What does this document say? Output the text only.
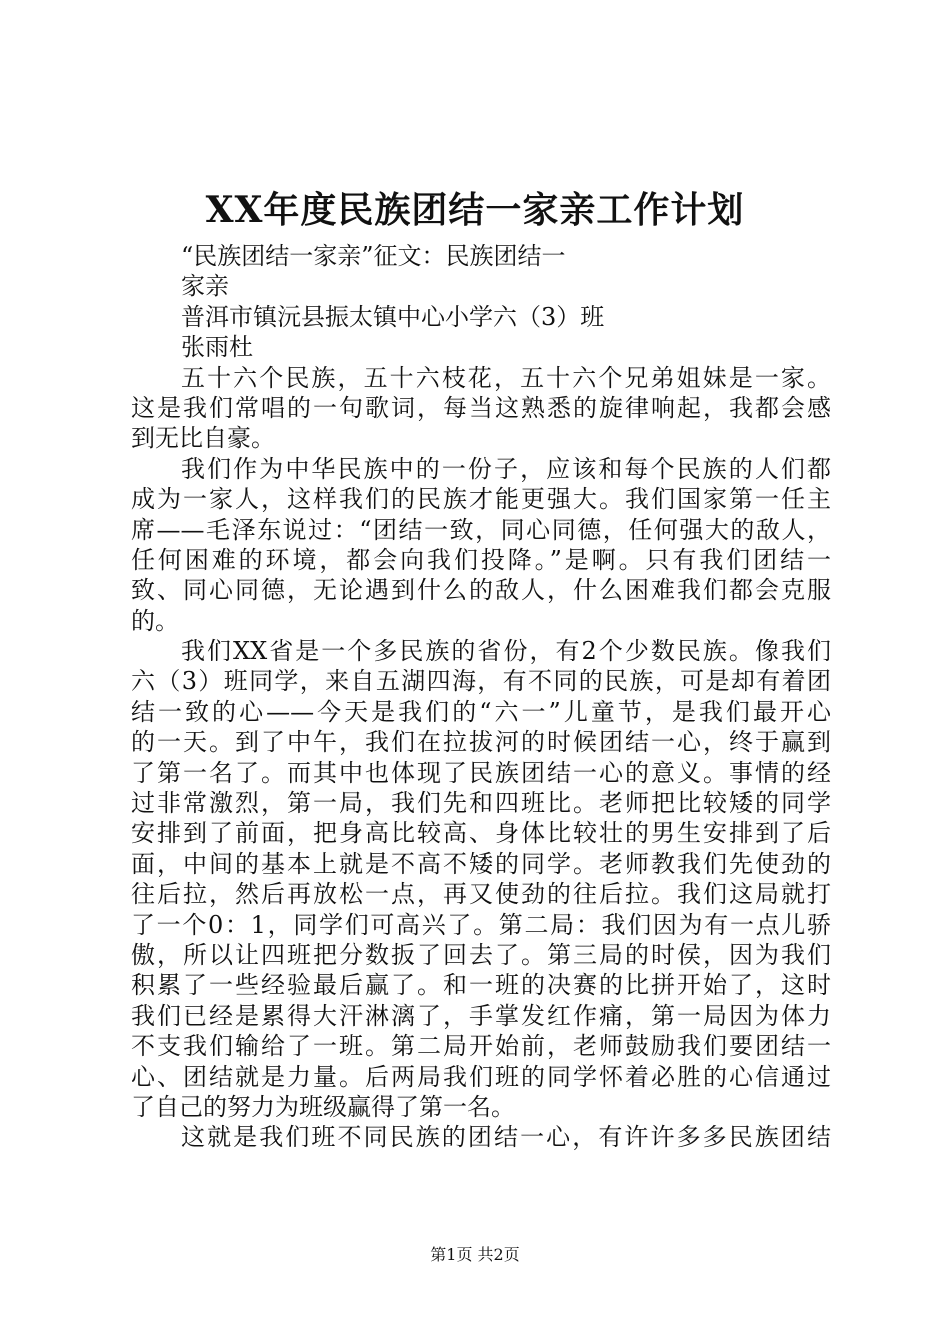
XX年度民族团结一家亲工作计划
“民族团结一家亲”征文：民族团结一
家亲
普洱市镇沅县振太镇中心小学六（3）班
张雨杜
五十六个民族，五十六枝花，五十六个兄弟姐妹是一家。
这是我们常唱的一句歌词，每当这熟悉的旋律响起，我都会感
到无比自豪。
我们作为中华民族中的一份子，应该和每个民族的人们都
成为一家人，这样我们的民族才能更强大。我们国家第一任主
席——毛泽东说过：“团结一致，同心同德，任何强大的敌人，
任何困难的环境，都会向我们投降。”是啊。只有我们团结一
致、同心同德，无论遇到什么的敌人，什么困难我们都会克服
的。
我们XX省是一个多民族的省份，有2个少数民族。像我们
六（3）班同学，来自五湖四海，有不同的民族，可是却有着团
结一致的心——今天是我们的“六一”儿童节，是我们最开心
的一天。到了中午，我们在拉拔河的时候团结一心，终于赢到
了第一名了。而其中也体现了民族团结一心的意义。事情的经
过非常激烈，第一局，我们先和四班比。老师把比较矮的同学
安排到了前面，把身高比较高、身体比较壮的男生安排到了后
面，中间的基本上就是不高不矮的同学。老师教我们先使劲的
往后拉，然后再放松一点，再又使劲的往后拉。我们这局就打
了一个0：1，同学们可高兴了。第二局：我们因为有一点儿骄
傲，所以让四班把分数扳了回去了。第三局的时侯，因为我们
积累了一些经验最后赢了。和一班的决赛的比拼开始了，这时
我们已经是累得大汗淋漓了，手掌发红作痛，第一局因为体力
不支我们输给了一班。第二局开始前，老师鼓励我们要团结一
心、团结就是力量。后两局我们班的同学怀着必胜的心信通过
了自己的努力为班级赢得了第一名。
这就是我们班不同民族的团结一心，有许许多多民族团结
第1页 共2页
